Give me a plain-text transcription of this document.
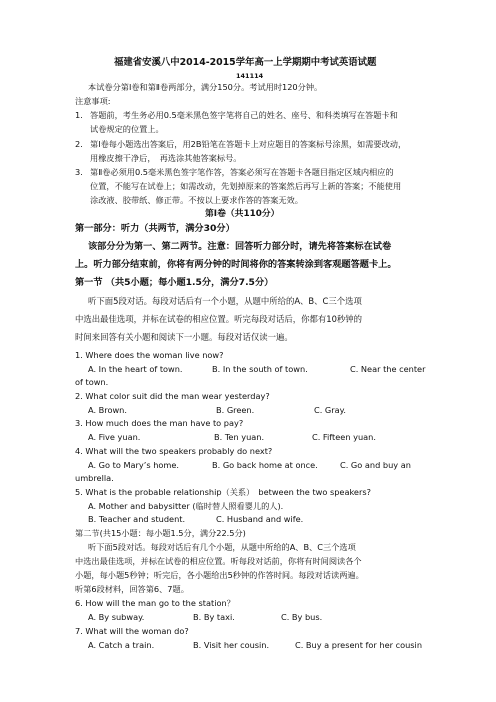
福建省安溪八中2014-2015学年高一上学期期中考试英语试题
141114
本试卷分第Ⅰ卷和第Ⅱ卷两部分，满分150分。考试用时120分钟。
注意事项:
1. 答题前，考生务必用0.5毫米黑色签字笔将自己的姓名、座号、和科类填写在答题卡和
试卷规定的位置上。
2. 第Ⅰ卷每小题选出答案后，用2B铅笔在答题卡上对应题目的答案标号涂黑，如需要改动，
用橡皮擦干净后，　再选涂其他答案标号。
3. 第Ⅱ卷必须用0.5毫米黑色签字笔作答，答案必须写在答题卡各题目指定区域内相应的
位置，不能写在试卷上；如需改动，先划掉原来的答案然后再写上新的答案；不能使用
涂改液、胶带纸、修正带。不按以上要求作答的答案无效。
第Ⅰ卷（共110分）
第一部分：听力（共两节，满分30分）
该部分分为第一、第二两节。注意：回答听力部分时，请先将答案标在试卷
上。听力部分结束前，你将有两分钟的时间将你的答案转涂到客观题答题卡上。
第一节 （共5小题；每小题1.5分，满分7.5分）
听下面5段对话。每段对话后有一个小题，从题中所给的A、B、C三个选项
中选出最佳选项，并标在试卷的相应位置。听完每段对话后，你都有10秒钟的
时间来回答有关小题和阅读下一小题。每段对话仅读一遍。
1. Where does the woman live now?
A. In the heart of town.	B. In the south of town.	C. Near the center
of town.
2. What color suit did the man wear yesterday?
A. Brown.	B. Green.	C. Gray.
3. How much does the man have to pay?
A. Five yuan.	B. Ten yuan.	C. Fifteen yuan.
4. What will the two speakers probably do next?
A. Go to Mary’s home.	B. Go back home at once.	C. Go and buy an
umbrella.
5. What is the probable relationship（关系）　between the two speakers?
A. Mother and babysitter (临时替人照看婴儿的人).
B. Teacher and student.	C. Husband and wife.
第二节(共15小题：每小题1.5分，满分22.5分)
听下面5段对话。每段对话后有几个小题，从题中所给的A、B、C三个选项
中选出最佳选项，并标在试卷的相应位置。听每段对话前，你将有时间阅读各个
小题，每小题5秒钟；听完后，各小题给出5秒钟的作答时间。每段对话读两遍。
听第6段材料，回答第6、7题。
6. How will the man go to the station？
A. By subway.	B. By taxi.	C. By bus.
7. What will the woman do?
A. Catch a train.	B. Visit her cousin.	C. Buy a present for her cousin
